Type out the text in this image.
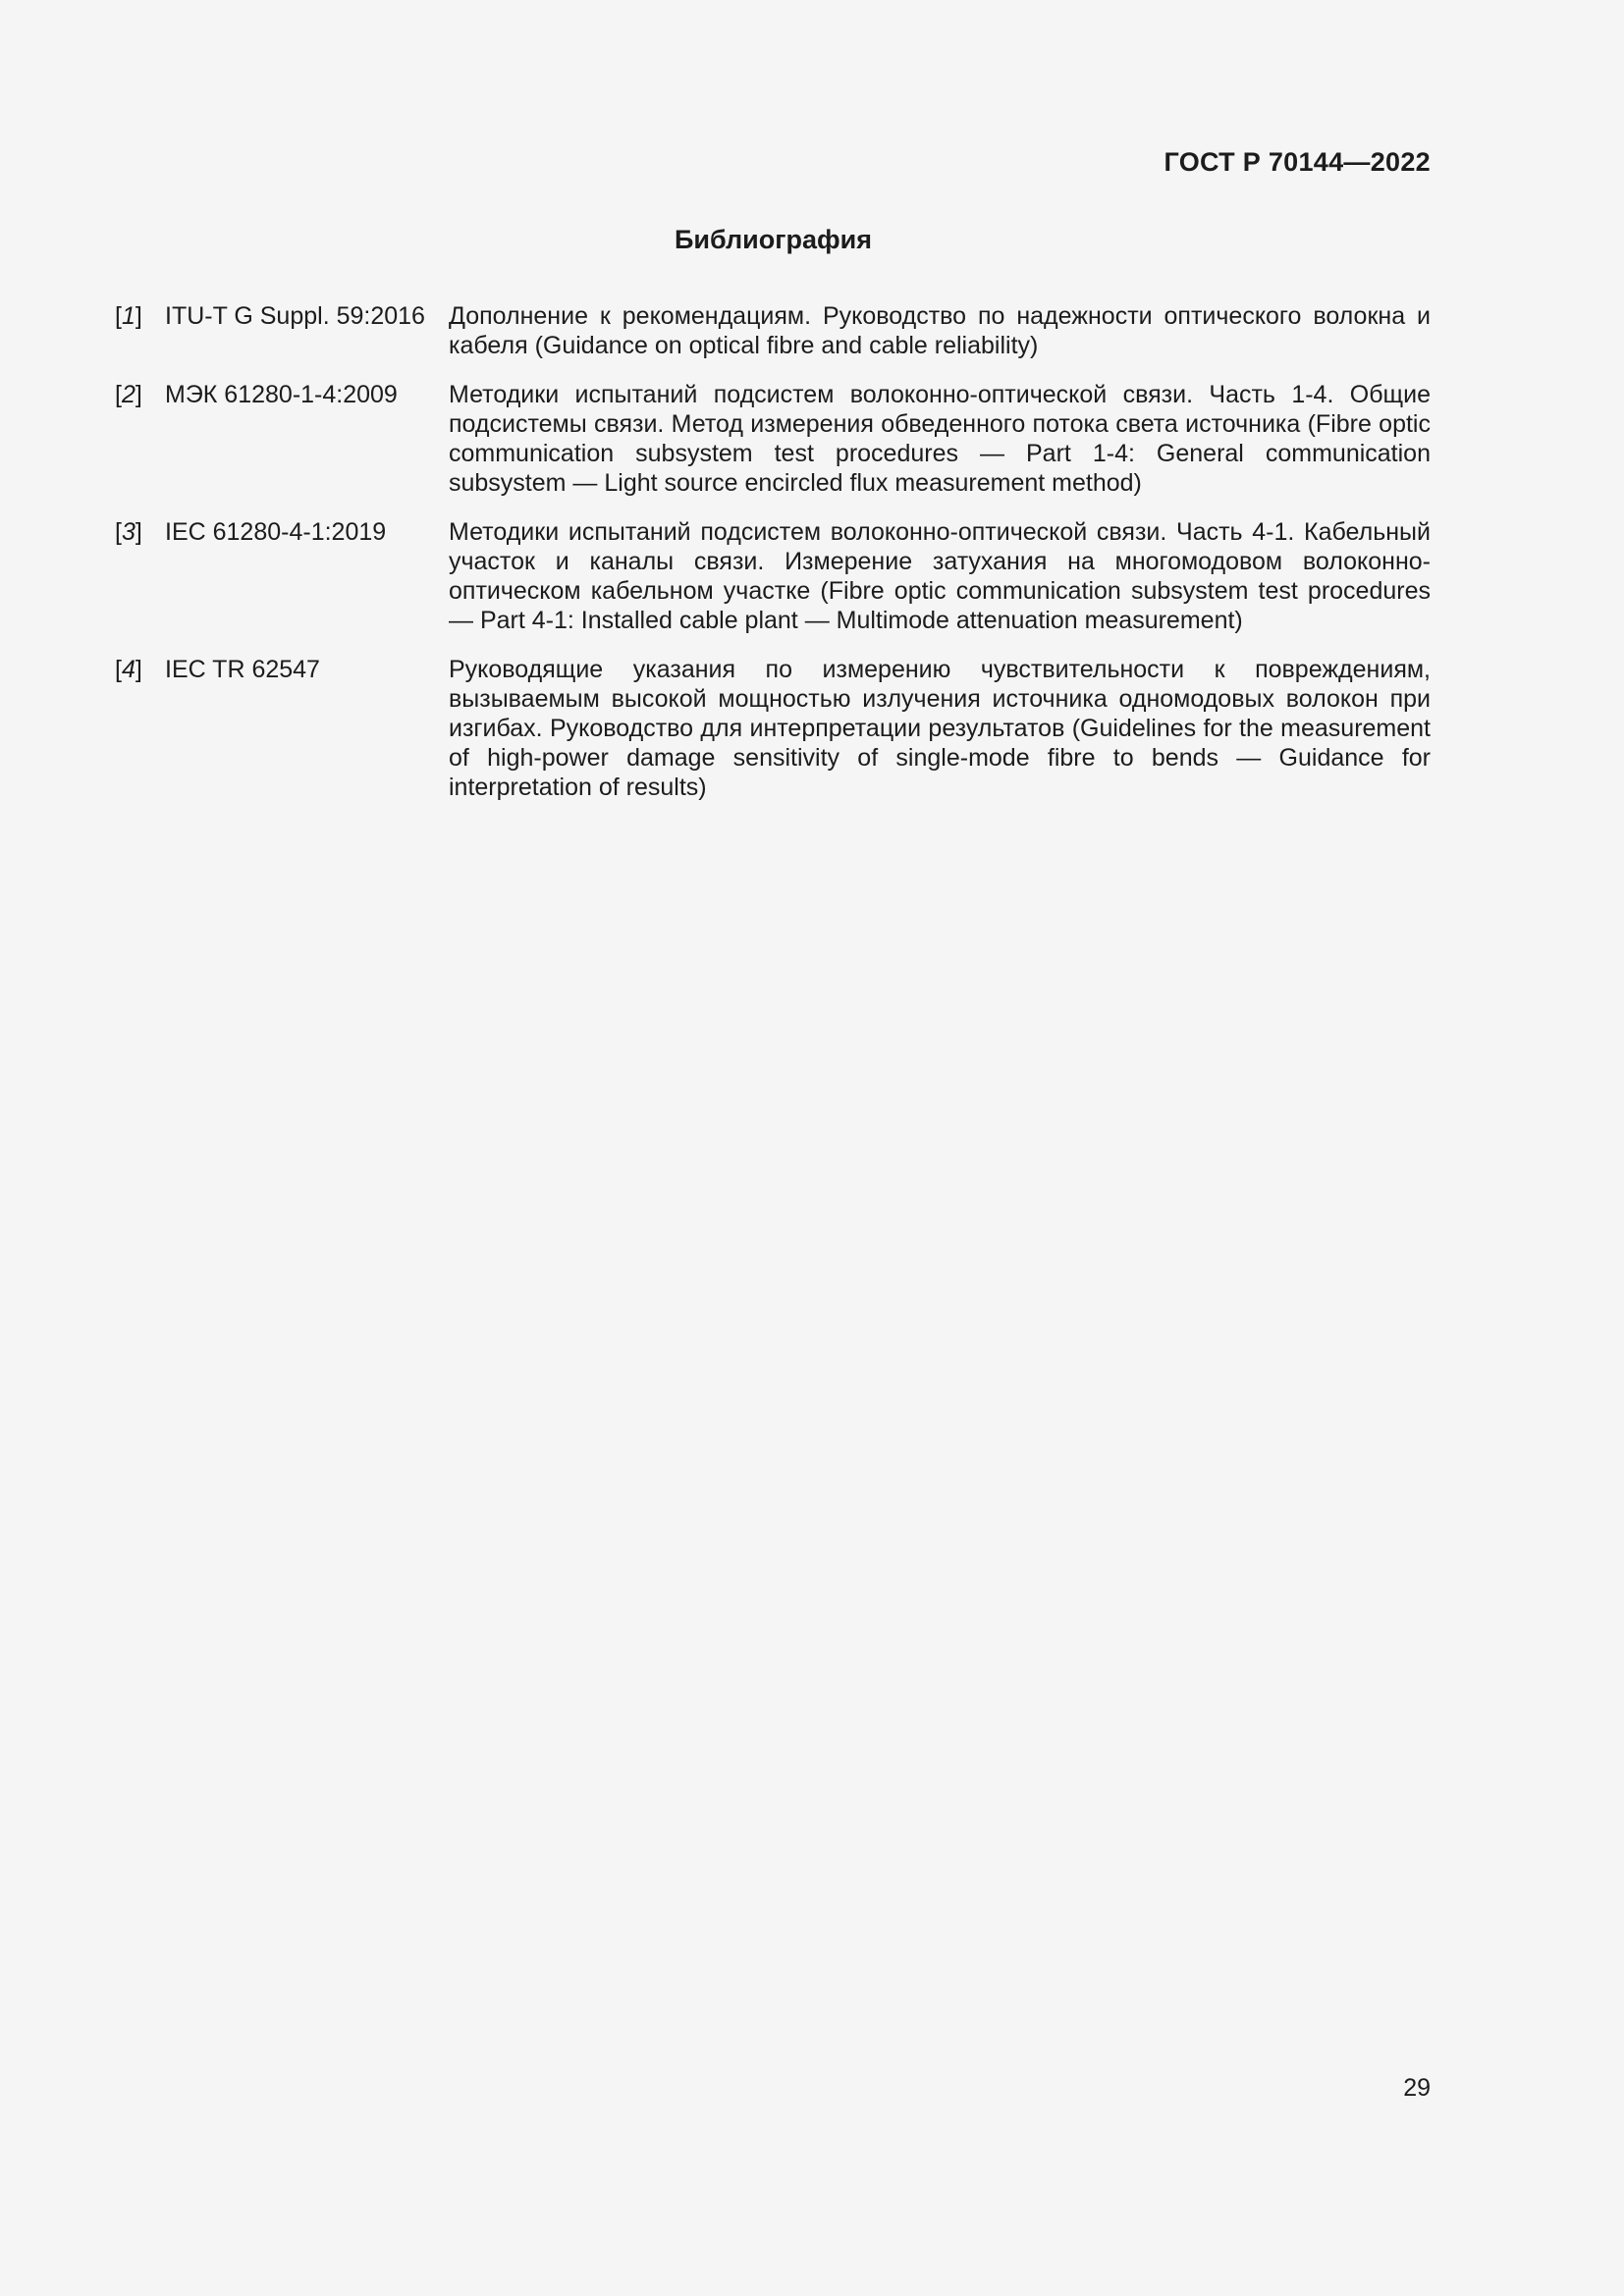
ГОСТ Р 70144—2022
Библиография
[1] ITU-T G Suppl. 59:2016 Дополнение к рекомендациям. Руководство по надежности оптического волокна и кабеля (Guidance on optical fibre and cable reliability)
[2] МЭК 61280-1-4:2009	Методики испытаний подсистем волоконно-оптической связи. Часть 1-4. Общие подсистемы связи. Метод измерения обведенного потока света источника (Fibre optic communication subsystem test procedures — Part 1-4: General communication subsystem — Light source encircled flux measurement method)
[3] IEC 61280-4-1:2019	Методики испытаний подсистем волоконно-оптической связи. Часть 4-1. Кабельный участок и каналы связи. Измерение затухания на многомодовом волоконно-оптическом кабельном участке (Fibre optic communication subsystem test procedures — Part 4-1: Installed cable plant — Multimode attenuation measurement)
[4] IEC TR 62547	Руководящие указания по измерению чувствительности к повреждениям, вызываемым высокой мощностью излучения источника одномодовых волокон при изгибах. Руководство для интерпретации результатов (Guidelines for the measurement of high-power damage sensitivity of single-mode fibre to bends — Guidance for interpretation of results)
29
